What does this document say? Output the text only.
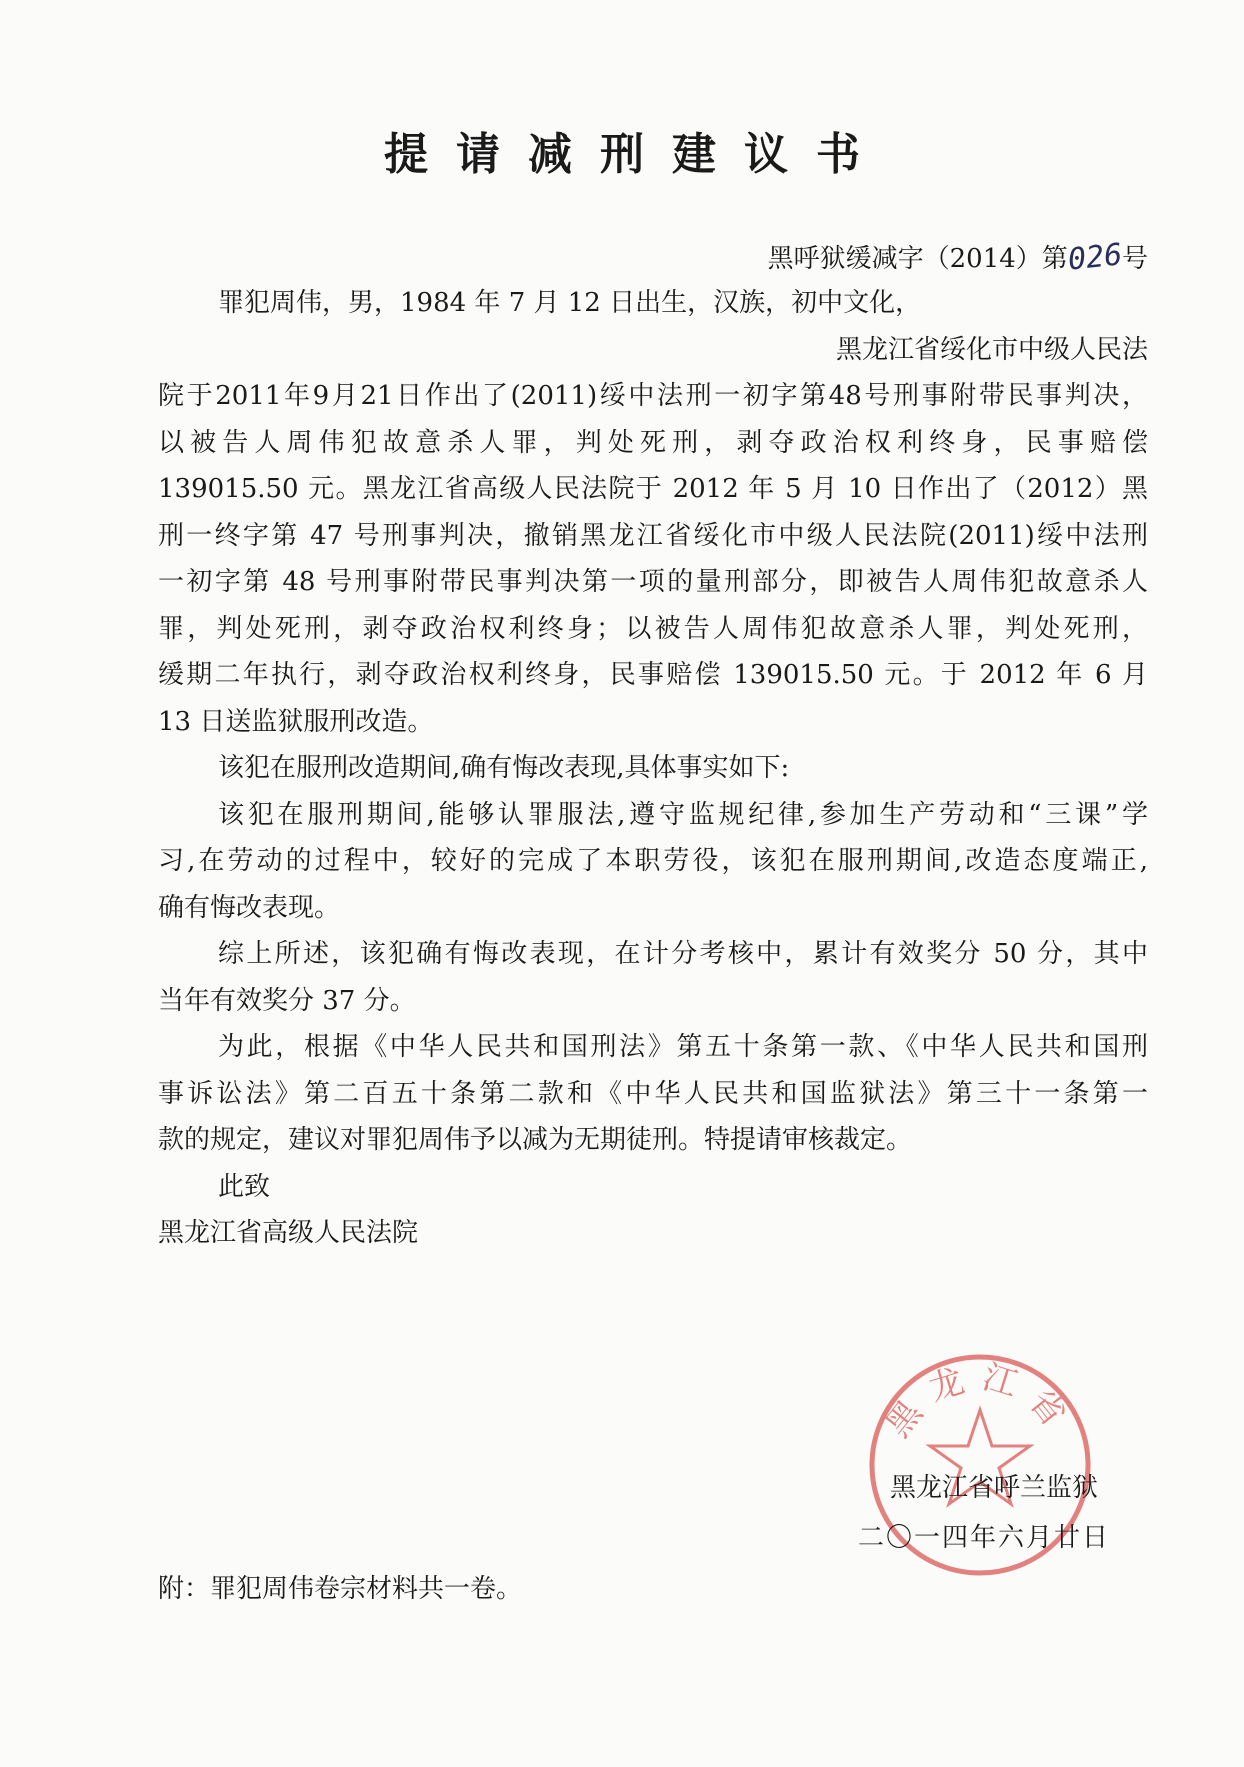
提请减刑建议书
黑呼狱缓减字（2014）第026号
罪犯周伟，男，1984 年 7 月 12 日出生，汉族，初中文化，
黑龙江省绥化市中级人民法
院于2011年9月21日作出了(2011)绥中法刑一初字第48号刑事附带民事判决，
以被告人周伟犯故意杀人罪，判处死刑，剥夺政治权利终身，民事赔偿
139015.50 元。黑龙江省高级人民法院于 2012 年 5 月 10 日作出了（2012）黑
刑一终字第 47 号刑事判决，撤销黑龙江省绥化市中级人民法院(2011)绥中法刑
一初字第 48 号刑事附带民事判决第一项的量刑部分，即被告人周伟犯故意杀人
罪，判处死刑，剥夺政治权利终身；以被告人周伟犯故意杀人罪，判处死刑，
缓期二年执行，剥夺政治权利终身，民事赔偿 139015.50 元。于 2012 年 6 月
13 日送监狱服刑改造。
该犯在服刑改造期间,确有悔改表现,具体事实如下:
该犯在服刑期间,能够认罪服法,遵守监规纪律,参加生产劳动和“三课”学
习,在劳动的过程中，较好的完成了本职劳役，该犯在服刑期间,改造态度端正,
确有悔改表现。
综上所述，该犯确有悔改表现，在计分考核中，累计有效奖分 50 分，其中
当年有效奖分 37 分。
为此，根据《中华人民共和国刑法》第五十条第一款、《中华人民共和国刑
事诉讼法》第二百五十条第二款和《中华人民共和国监狱法》第三十一条第一
款的规定，建议对罪犯周伟予以减为无期徒刑。特提请审核裁定。
此致
黑龙江省高级人民法院
黑龙江省
黑龙江省呼兰监狱
二〇一四年六月廿日
附：罪犯周伟卷宗材料共一卷。
